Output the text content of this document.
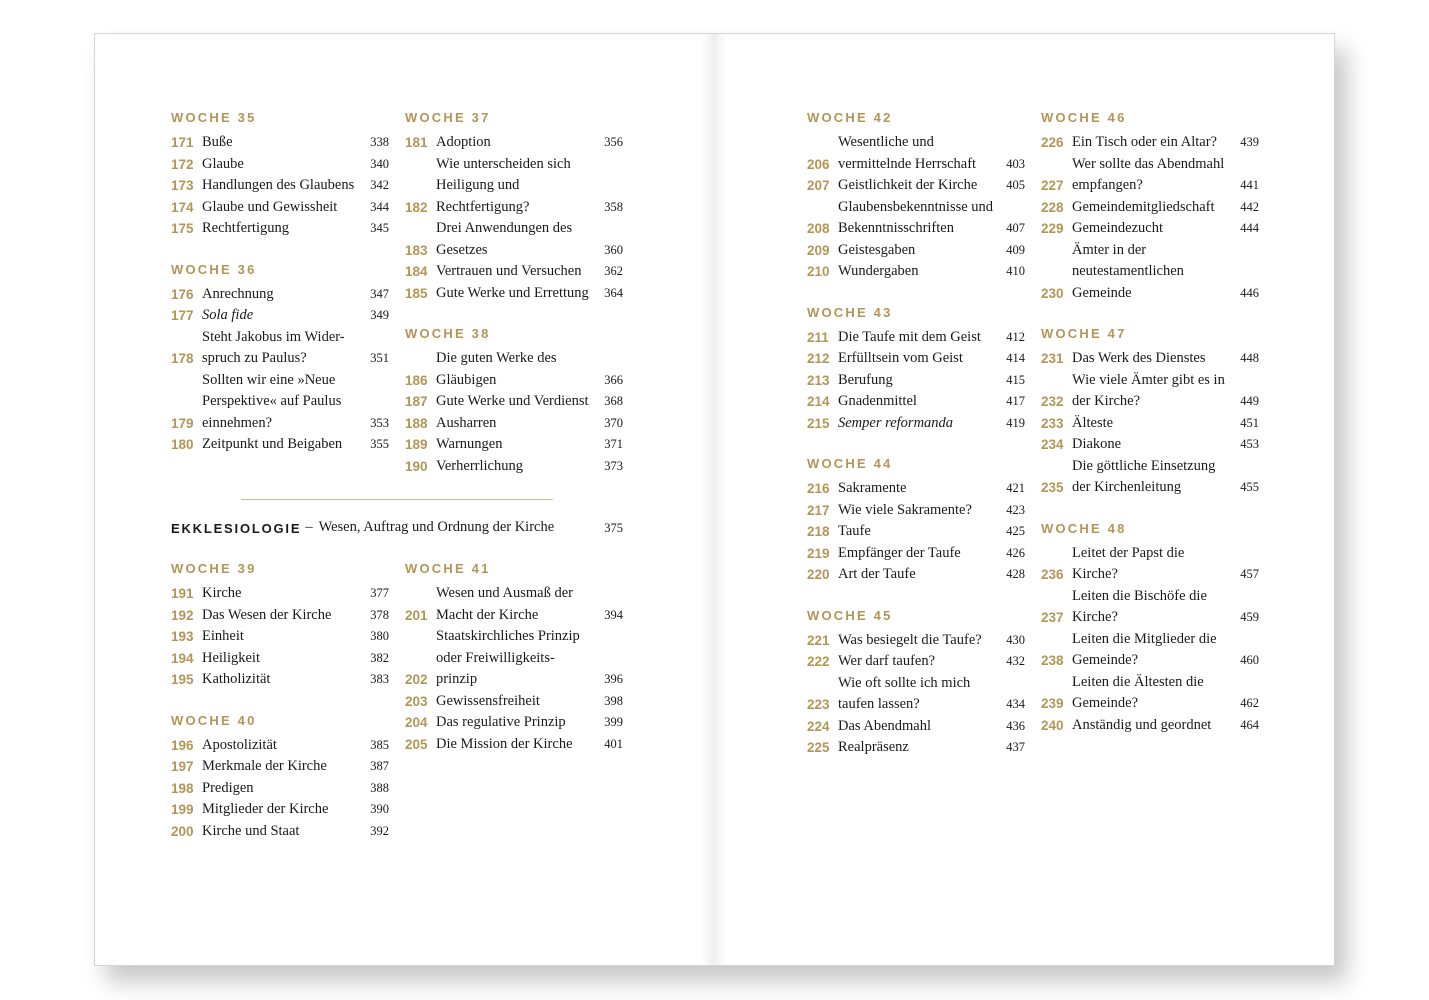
WOCHE 35
171 Buße	338
172 Glaube	340
173 Handlungen des Glaubens	342
174 Glaube und Gewissheit	344
175 Rechtfertigung	345
WOCHE 36
176 Anrechnung	347
177 Sola fide	349
178
Steht Jakobus im Wider-
spruch zu Paulus?	351
179
Sollten wir eine »Neue
Perspektive« auf Paulus
einnehmen?	353
180 Zeitpunkt und Beigaben	355
WOCHE 37
181 Adoption	356
182
Wie unterscheiden sich
Heiligung und
Rechtfertigung?	358
183
Drei Anwendungen des
Gesetzes	360
184 Vertrauen und Versuchen	362
185 Gute Werke und Errettung	364
WOCHE 38
186
Die guten Werke des
Gläubigen	366
187 Gute Werke und Verdienst	368
188 Ausharren	370
189 Warnungen	371
190 Verherrlichung	373
EKKLESIOLOGIE – Wesen, Auftrag und Ordnung der Kirche	375
WOCHE 39
191 Kirche	377
192 Das Wesen der Kirche	378
193 Einheit	380
194 Heiligkeit	382
195 Katholizität	383
WOCHE 40
196 Apostolizität	385
197 Merkmale der Kirche	387
198 Predigen	388
199 Mitglieder der Kirche	390
200 Kirche und Staat	392
WOCHE 41
201
Wesen und Ausmaß der
Macht der Kirche	394
202
Staatskirchliches Prinzip
oder Freiwilligkeits-
prinzip	396
203 Gewissensfreiheit	398
204 Das regulative Prinzip	399
205 Die Mission der Kirche	401
WOCHE 42
206
Wesentliche und
vermittelnde Herrschaft	403
207 Geistlichkeit der Kirche	405
208
Glaubensbekenntnisse und
Bekenntnisschriften	407
209 Geistesgaben	409
210 Wundergaben	410
WOCHE 43
211 Die Taufe mit dem Geist	412
212 Erfülltsein vom Geist	414
213 Berufung	415
214 Gnadenmittel	417
215 Semper reformanda	419
WOCHE 44
216 Sakramente	421
217 Wie viele Sakramente?	423
218 Taufe	425
219 Empfänger der Taufe	426
220 Art der Taufe	428
WOCHE 45
221 Was besiegelt die Taufe?	430
222 Wer darf taufen?	432
223
Wie oft sollte ich mich
taufen lassen?	434
224 Das Abendmahl	436
225 Realpräsenz	437
WOCHE 46
226 Ein Tisch oder ein Altar?	439
227
Wer sollte das Abendmahl
empfangen?	441
228 Gemeindemitgliedschaft	442
229 Gemeindezucht	444
230
Ämter in der
neutestamentlichen
Gemeinde	446
WOCHE 47
231 Das Werk des Dienstes	448
232
Wie viele Ämter gibt es in
der Kirche?	449
233 Älteste	451
234 Diakone	453
235
Die göttliche Einsetzung
der Kirchenleitung	455
WOCHE 48
236
Leitet der Papst die
Kirche?	457
237
Leiten die Bischöfe die
Kirche?	459
238
Leiten die Mitglieder die
Gemeinde?	460
239
Leiten die Ältesten die
Gemeinde?	462
240 Anständig und geordnet	464
